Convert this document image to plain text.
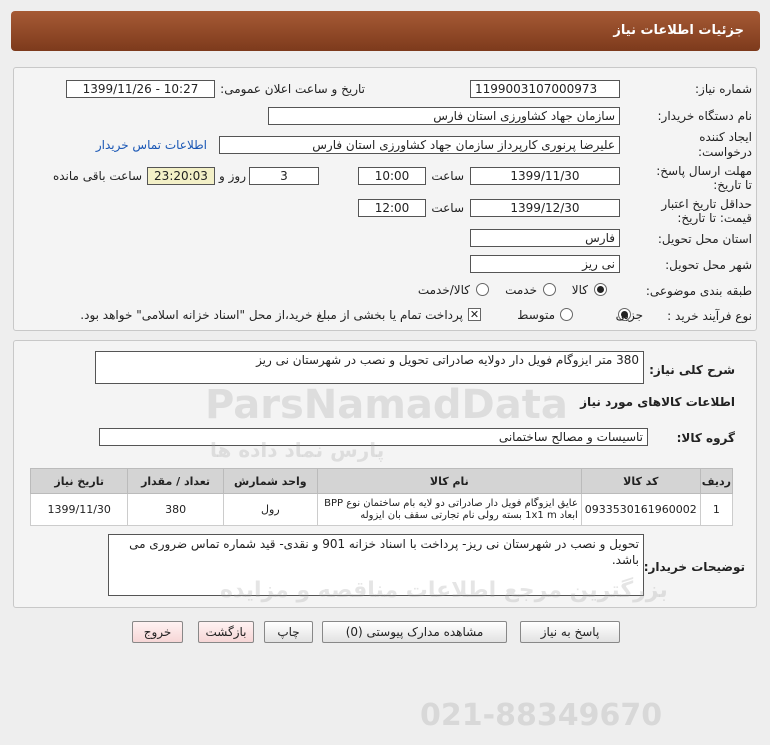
جزئیات اطلاعات نیاز
شماره نیاز:
1199003107000973
تاریخ و ساعت اعلان عمومی:
1399/11/26 - 10:27
نام دستگاه خریدار:
سازمان جهاد کشاورزی استان فارس
ایجاد کننده
درخواست:
علیرضا پرنوری کارپرداز سازمان جهاد کشاورزی استان فارس
اطلاعات تماس خریدار
مهلت ارسال پاسخ:
تا تاریخ:
1399/11/30
ساعت
10:00
3
روز و
23:20:03
ساعت باقی مانده
حداقل تاریخ اعتبار
قیمت: تا تاریخ:
1399/12/30
ساعت
12:00
استان محل تحویل:
فارس
شهر محل تحویل:
نی ریز
طبقه بندی موضوعی:
کالا
خدمت
کالا/خدمت
نوع فرآیند خرید :
جزیی
متوسط
✕
پرداخت تمام یا بخشی از مبلغ خرید،از محل "اسناد خزانه اسلامی" خواهد بود.
شرح کلی نیاز:
380 متر ایزوگام فویل دار دولایه صادراتی تحویل و نصب در شهرستان نی ریز
اطلاعات کالاهای مورد نیاز
گروه کالا:
تاسیسات و مصالح ساختمانی
ردیف	کد کالا	نام کالا	واحد شمارش	تعداد / مقدار	تاریخ نیاز
1	0933530161960002	عایق ایزوگام فویل دار صادراتی دو لایه بام ساختمان نوع BPP ابعاد 1x1 m بسته رولی نام تجارتی سقف بان ایزوله	رول	380	1399/11/30
توضیحات خریدار:
تحویل و نصب در شهرستان نی ریز- پرداخت با اسناد خزانه 901 و نقدی- قید شماره تماس ضروری می باشد.
پاسخ به نیاز
مشاهده مدارک پیوستی (0)
چاپ
بازگشت
خروج
ParsNamadData
پارس نماد داده ها
بزرگترین مرجع اطلاعات مناقصه و مزایده
021-88349670
